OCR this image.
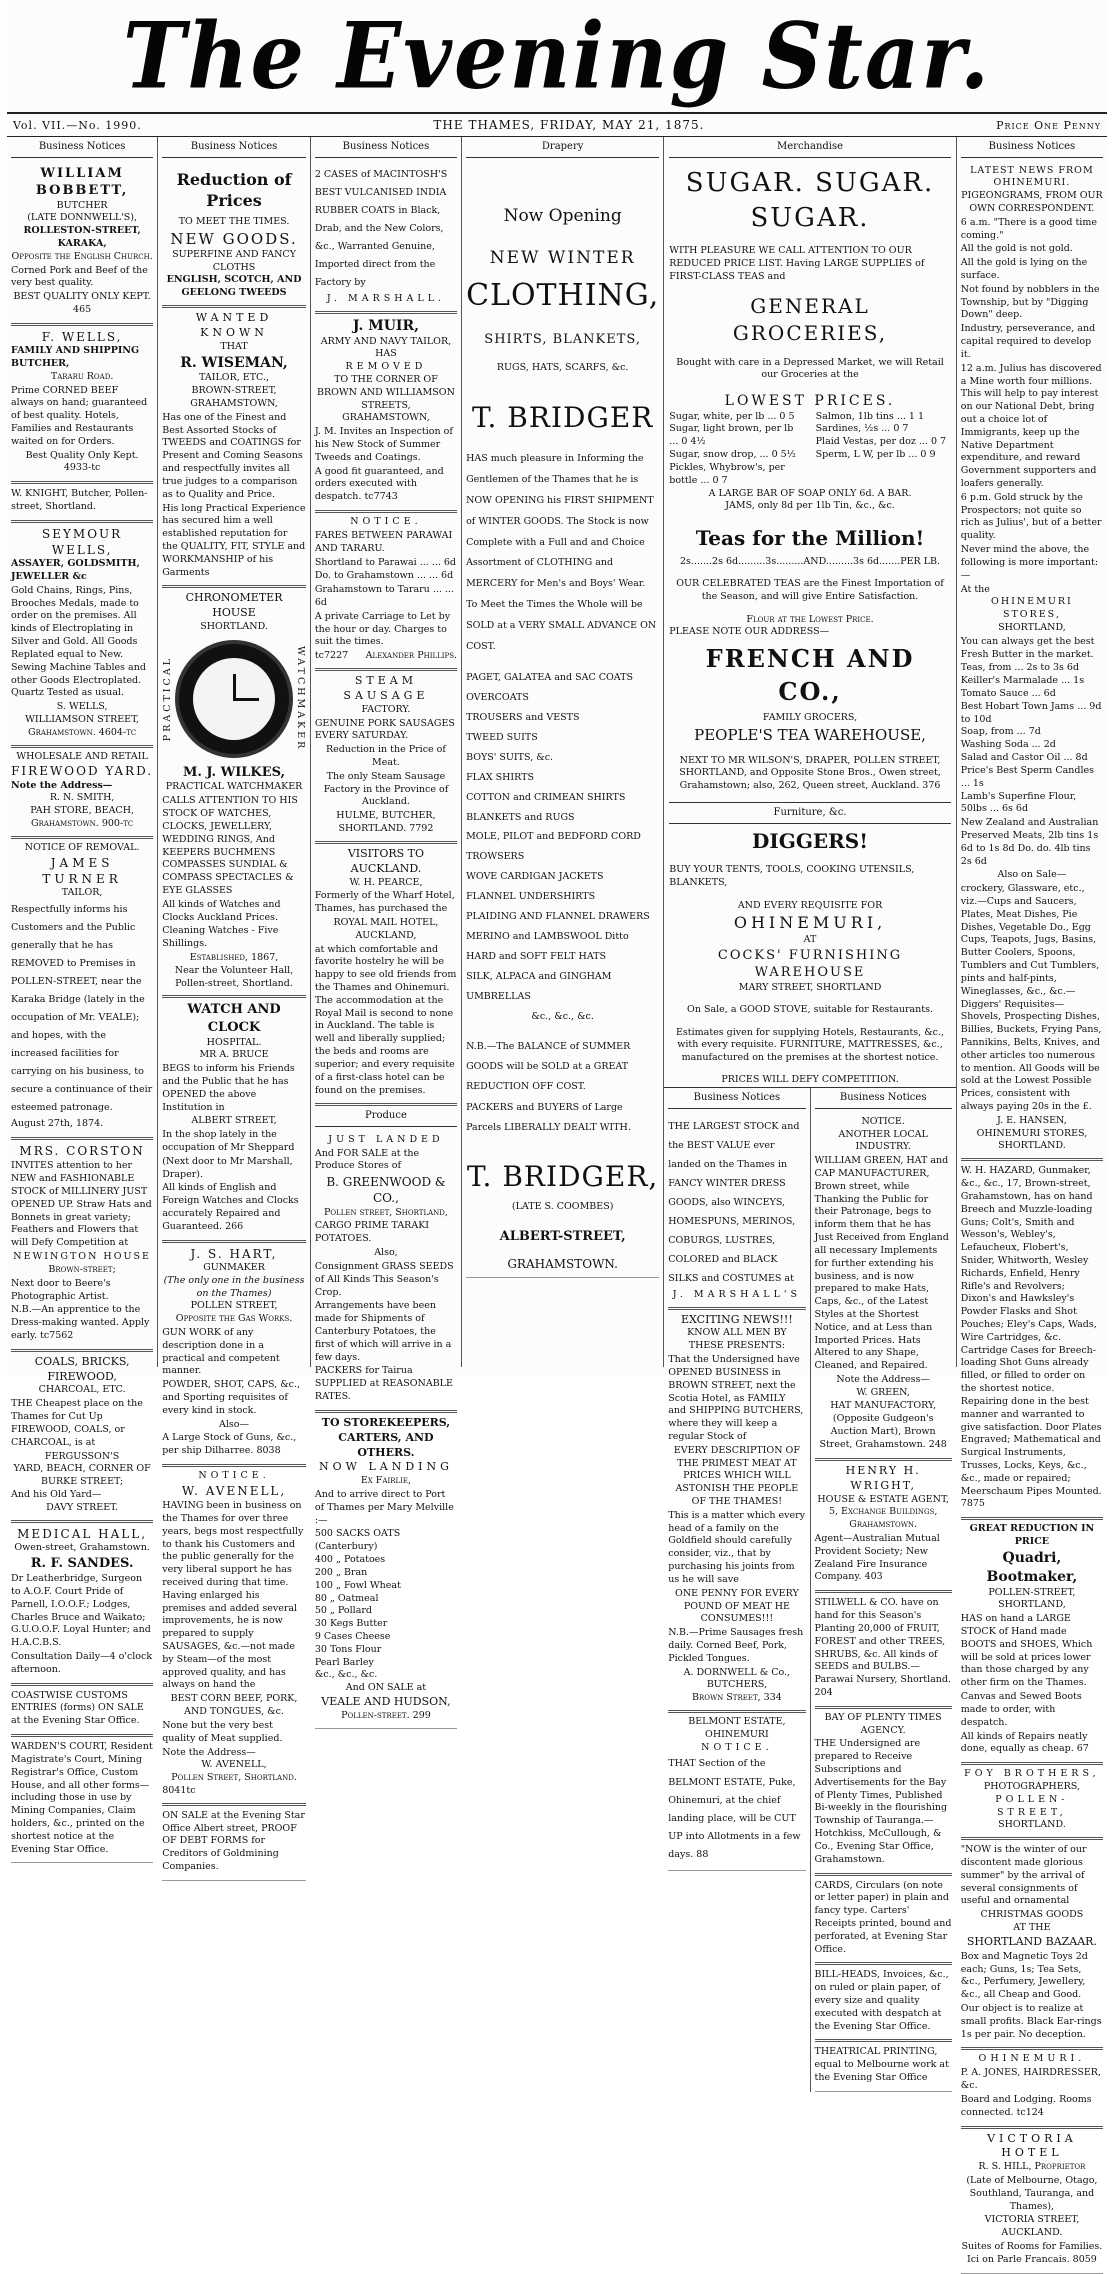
The Evening Star.
Vol. VII.—No. 1990.	THE THAMES, FRIDAY, MAY 21, 1875.	Price One Penny
Business Notices
WILLIAM BOBBETT,
BUTCHER
(LATE DONNWELL'S),
ROLLESTON-STREET, KARAKA,
Opposite the English Church.

Corned Pork and Beef of the very best quality.

BEST QUALITY ONLY KEPT. 465

F. WELLS,
FAMILY AND SHIPPING BUTCHER,
Tararu Road.

Prime CORNED BEEF always on hand; guaranteed of best quality. Hotels, Families and Restaurants waited on for Orders.

Best Quality Only Kept. 4933-tc

W. KNIGHT, Butcher, Pollen-street, Shortland.

SEYMOUR WELLS,
ASSAYER, GOLDSMITH, JEWELLER &c

Gold Chains, Rings, Pins, Brooches Medals, made to order on the premises. All kinds of Electroplating in Silver and Gold. All Goods Replated equal to New. Sewing Machine Tables and other Goods Electroplated. Quartz Tested as usual.

S. WELLS,
WILLIAMSON STREET,
Grahamstown. 4604-tc
WHOLESALE AND RETAIL
FIREWOOD YARD.
Note the Address—
R. N. SMITH,
PAH STORE, BEACH,
Grahamstown. 900-tc
NOTICE OF REMOVAL.
JAMES TURNER
TAILOR,

Respectfully informs his Customers and the Public generally that he has REMOVED to Premises in POLLEN-STREET, near the Karaka Bridge (lately in the occupation of Mr. VEALE); and hopes, with the increased facilities for carrying on his business, to secure a continuance of their esteemed patronage.

August 27th, 1874.

MRS. CORSTON

INVITES attention to her NEW and FASHIONABLE STOCK of MILLINERY JUST OPENED UP. Straw Hats and Bonnets in great variety; Feathers and Flowers that will Defy Competition at

NEWINGTON HOUSE
Brown-street;

Next door to Beere's Photographic Artist.

N.B.—An apprentice to the Dress-making wanted. Apply early. tc7562

COALS, BRICKS, FIREWOOD,
CHARCOAL, ETC.

THE Cheapest place on the Thames for Cut Up FIREWOOD, COALS, or CHARCOAL, is at

FERGUSSON'S
YARD, BEACH, CORNER OF
BURKE STREET;
And his Old Yard—
DAVY STREET.
MEDICAL HALL,
Owen-street, Grahamstown.
R. F. SANDES.

Dr Leatherbridge, Surgeon to A.O.F. Court Pride of Parnell, I.O.O.F.; Lodges, Charles Bruce and Waikato; G.U.O.O.F. Loyal Hunter; and H.A.C.B.S.

Consultation Daily—4 o'clock afternoon.

COASTWISE CUSTOMS ENTRIES (forms) ON SALE at the Evening Star Office.

WARDEN'S COURT, Resident Magistrate's Court, Mining Registrar's Office, Custom House, and all other forms—including those in use by Mining Companies, Claim holders, &c., printed on the shortest notice at the Evening Star Office.

Business Notices
Reduction of Prices
TO MEET THE TIMES.
NEW GOODS.
SUPERFINE AND FANCY CLOTHS
ENGLISH, SCOTCH, AND GEELONG TWEEDS
WANTED KNOWN
THAT
R. WISEMAN,
TAILOR, ETC.,
BROWN-STREET, GRAHAMSTOWN,

Has one of the Finest and Best Assorted Stocks of TWEEDS and COATINGS for Present and Coming Seasons and respectfully invites all true judges to a comparison as to Quality and Price.

His long Practical Experience has secured him a well established reputation for the QUALITY, FIT, STYLE and WORKMANSHIP of his Garments

CHRONOMETER HOUSE
SHORTLAND.
PRACTICAL	WATCHMAKER
M. J. WILKES,
PRACTICAL WATCHMAKER

CALLS ATTENTION TO HIS STOCK OF WATCHES, CLOCKS, JEWELLERY, WEDDING RINGS, And KEEPERS BUCHMENS COMPASSES SUNDIAL & COMPASS SPECTACLES & EYE GLASSES

All kinds of Watches and Clocks Auckland Prices.

Cleaning Watches - Five Shillings.

Established, 1867,
Near the Volunteer Hall, Pollen-street, Shortland.
WATCH AND CLOCK
HOSPITAL.
MR A. BRUCE

BEGS to inform his Friends and the Public that he has OPENED the above Institution in

ALBERT STREET,

In the shop lately in the occupation of Mr Sheppard

(Next door to Mr Marshall, Draper).

All kinds of English and Foreign Watches and Clocks accurately Repaired and Guaranteed. 266

J. S. HART,
GUNMAKER
(The only one in the business on the Thames)
POLLEN STREET,
Opposite the Gas Works.

GUN WORK of any description done in a practical and competent manner.

POWDER, SHOT, CAPS, &c., and Sporting requisites of every kind in stock.

Also—

A Large Stock of Guns, &c., per ship Dilharree. 8038

NOTICE.
W. AVENELL,

HAVING been in business on the Thames for over three years, begs most respectfully to thank his Customers and the public generally for the very liberal support he has received during that time. Having enlarged his premises and added several improvements, he is now prepared to supply SAUSAGES, &c.—not made by Steam—of the most approved quality, and has always on hand the

BEST CORN BEEF, PORK, AND TONGUES, &c.

None but the very best quality of Meat supplied.

Note the Address—
W. AVENELL,
Pollen Street, Shortland.
8041tc

ON SALE at the Evening Star Office Albert street, PROOF OF DEBT FORMS for Creditors of Goldmining Companies.

Business Notices

2 CASES of MACINTOSH'S BEST VULCANISED INDIA RUBBER COATS in Black, Drab, and the New Colors, &c., Warranted Genuine, Imported direct from the Factory by

J. MARSHALL.
J. MUIR,
ARMY AND NAVY TAILOR,
HAS
REMOVED
TO THE CORNER OF
BROWN AND WILLIAMSON STREETS,
GRAHAMSTOWN,

J. M. Invites an Inspection of his New Stock of Summer Tweeds and Coatings.

A good fit guaranteed, and orders executed with despatch. tc7743

NOTICE.

FARES BETWEEN PARAWAI AND TARARU.

Shortland to Parawai ... ... 6d

Do. to Grahamstown ... ... 6d

Grahamstown to Tararu ... ... 6d

A private Carriage to Let by the hour or day. Charges to suit the times.

tc7227 Alexander Phillips.
STEAM SAUSAGE
FACTORY.

GENUINE PORK SAUSAGES EVERY SATURDAY.

Reduction in the Price of Meat.

The only Steam Sausage Factory in the Province of Auckland.

HULME, BUTCHER,
SHORTLAND. 7792
VISITORS TO AUCKLAND.
W. H. PEARCE,

Formerly of the Wharf Hotel, Thames, has purchased the

ROYAL MAIL HOTEL, AUCKLAND,

at which comfortable and favorite hostelry he will be happy to see old friends from the Thames and Ohinemuri. The accommodation at the Royal Mail is second to none in Auckland. The table is well and liberally supplied; the beds and rooms are superior; and every requisite of a first-class hotel can be found on the premises.

Produce
JUST LANDED

And FOR SALE at the Produce Stores of

B. GREENWOOD & CO.,
Pollen street, Shortland,

CARGO PRIME TARAKI POTATOES.

Also,

Consignment GRASS SEEDS of All Kinds This Season's Crop.

Arrangements have been made for Shipments of Canterbury Potatoes, the first of which will arrive in a few days.

PACKERS for Tairua SUPPLIED at REASONABLE RATES.

TO STOREKEEPERS, CARTERS, AND OTHERS.
NOW LANDING
Ex Fairlie,

And to arrive direct to Port of Thames per Mary Melville :—

500 SACKS OATS (Canterbury)
400 „ Potatoes
200 „ Bran
100 „ Fowl Wheat
80 „ Oatmeal
50 „ Pollard
30 Kegs Butter
9 Cases Cheese
30 Tons Flour
Pearl Barley
&c., &c., &c.
And ON SALE at
VEALE AND HUDSON,
Pollen-street. 299
Drapery
Now Opening
NEW WINTER
CLOTHING,
SHIRTS, BLANKETS,
RUGS, HATS, SCARFS, &c.
T. BRIDGER

HAS much pleasure in Informing the Gentlemen of the Thames that he is NOW OPENING his FIRST SHIPMENT of WINTER GOODS. The Stock is now Complete with a Full and and Choice Assortment of CLOTHING and MERCERY for Men's and Boys' Wear. To Meet the Times the Whole will be SOLD at a VERY SMALL ADVANCE ON COST.

PAGET, GALATEA and SAC COATS
OVERCOATS
TROUSERS and VESTS
TWEED SUITS
BOYS' SUITS, &c.
FLAX SHIRTS
COTTON and CRIMEAN SHIRTS
BLANKETS and RUGS
MOLE, PILOT and BEDFORD CORD TROWSERS
WOVE CARDIGAN JACKETS
FLANNEL UNDERSHIRTS
PLAIDING AND FLANNEL DRAWERS
MERINO and LAMBSWOOL Ditto
HARD and SOFT FELT HATS
SILK, ALPACA and GINGHAM UMBRELLAS
&c., &c., &c.

N.B.—The BALANCE of SUMMER GOODS will be SOLD at a GREAT REDUCTION OFF COST.

PACKERS and BUYERS of Large Parcels LIBERALLY DEALT WITH.

T. BRIDGER,
(LATE S. COOMBES)
ALBERT-STREET,
GRAHAMSTOWN.
Merchandise
SUGAR. SUGAR. SUGAR.

WITH PLEASURE WE CALL ATTENTION TO OUR REDUCED PRICE LIST. Having LARGE SUPPLIES of FIRST-CLASS TEAS and

GENERAL GROCERIES,

Bought with care in a Depressed Market, we will Retail our Groceries at the

LOWEST PRICES.
Sugar, white, per lb ... 0 5
Sugar, light brown, per lb ... 0 4½
Sugar, snow drop, ... 0 5½
Pickles, Whybrow's, per bottle ... 0 7
Salmon, 1lb tins ... 1 1
Sardines, ½s ... 0 7
Plaid Vestas, per doz ... 0 7
Sperm, L W, per lb ... 0 9
A LARGE BAR OF SOAP ONLY 6d. A BAR.
JAMS, only 8d per 1lb Tin, &c., &c.
Teas for the Million!
2s.......2s 6d.........3s.........AND.........3s 6d.......PER LB.

OUR CELEBRATED TEAS are the Finest Importation of the Season, and will give Entire Satisfaction.

Flour at the Lowest Price.
PLEASE NOTE OUR ADDRESS—
FRENCH AND CO.,
FAMILY GROCERS,
PEOPLE'S TEA WAREHOUSE,

NEXT TO MR WILSON'S, DRAPER, POLLEN STREET, SHORTLAND, and Opposite Stone Bros., Owen street, Grahamstown; also, 262, Queen street, Auckland. 376

Furniture, &c.
DIGGERS!

BUY YOUR TENTS, TOOLS, COOKING UTENSILS, BLANKETS,

AND EVERY REQUISITE FOR
OHINEMURI,
AT
COCKS' FURNISHING WAREHOUSE
MARY STREET, SHORTLAND

On Sale, a GOOD STOVE, suitable for Restaurants.

Estimates given for supplying Hotels, Restaurants, &c., with every requisite. FURNITURE, MATTRESSES, &c., manufactured on the premises at the shortest notice.

PRICES WILL DEFY COMPETITION.
Business Notices

THE LARGEST STOCK and the BEST VALUE ever landed on the Thames in FANCY WINTER DRESS GOODS, also WINCEYS, HOMESPUNS, MERINOS, COBURGS, LUSTRES, COLORED and BLACK SILKS and COSTUMES at

J. MARSHALL'S
EXCITING NEWS!!!
KNOW ALL MEN BY THESE PRESENTS:

That the Undersigned have OPENED BUSINESS in BROWN STREET, next the Scotia Hotel, as FAMILY and SHIPPING BUTCHERS, where they will keep a regular Stock of

EVERY DESCRIPTION OF THE PRIMEST MEAT AT PRICES WHICH WILL ASTONISH THE PEOPLE OF THE THAMES!

This is a matter which every head of a family on the Goldfield should carefully consider, viz., that by purchasing his joints from us he will save

ONE PENNY FOR EVERY POUND OF MEAT HE CONSUMES!!!

N.B.—Prime Sausages fresh daily. Corned Beef, Pork, Pickled Tongues.

A. DORNWELL & Co.,
BUTCHERS,
Brown Street, 334
BELMONT ESTATE, OHINEMURI
NOTICE.

THAT Section of the BELMONT ESTATE, Puke, Ohinemuri, at the chief landing place, will be CUT UP into Allotments in a few days. 88

Business Notices
NOTICE.
ANOTHER LOCAL INDUSTRY.

WILLIAM GREEN, HAT and CAP MANUFACTURER, Brown street, while Thanking the Public for their Patronage, begs to inform them that he has Just Received from England all necessary Implements for further extending his business, and is now prepared to make Hats, Caps, &c., of the Latest Styles at the Shortest Notice, and at Less than Imported Prices. Hats Altered to any Shape, Cleaned, and Repaired.

Note the Address—
W. GREEN,
HAT MANUFACTORY,

(Opposite Gudgeon's Auction Mart), Brown Street, Grahamstown. 248

HENRY H. WRIGHT,
HOUSE & ESTATE AGENT,
5, Exchange Buildings,
Grahamstown.

Agent—Australian Mutual Provident Society; New Zealand Fire Insurance Company. 403

STILWELL & CO. have on hand for this Season's Planting 20,000 of FRUIT, FOREST and other TREES, SHRUBS, &c. All kinds of SEEDS and BULBS.—Parawai Nursery, Shortland. 204

BAY OF PLENTY TIMES AGENCY.

THE Undersigned are prepared to Receive Subscriptions and Advertisements for the Bay of Plenty Times, Published Bi-weekly in the flourishing Township of Tauranga.—Hotchkiss, McCullough, & Co., Evening Star Office, Grahamstown.

CARDS, Circulars (on note or letter paper) in plain and fancy type. Carters' Receipts printed, bound and perforated, at Evening Star Office.

BILL-HEADS, Invoices, &c., on ruled or plain paper, of every size and quality executed with despatch at the Evening Star Office.

THEATRICAL PRINTING, equal to Melbourne work at the Evening Star Office

Business Notices
LATEST NEWS FROM OHINEMURI.
PIGEONGRAMS, FROM OUR OWN CORRESPONDENT.

6 a.m. "There is a good time coming."

All the gold is not gold.

All the gold is lying on the surface.

Not found by nobblers in the Township, but by "Digging Down" deep.

Industry, perseverance, and capital required to develop it.

12 a.m. Julius has discovered a Mine worth four millions. This will help to pay interest on our National Debt, bring out a choice lot of Immigrants, keep up the Native Department expenditure, and reward Government supporters and loafers generally.

6 p.m. Gold struck by the Prospectors; not quite so rich as Julius', but of a better quality.

Never mind the above, the following is more important:—

At the
OHINEMURI STORES,
SHORTLAND,

You can always get the best Fresh Butter in the market.

Teas, from ... 2s to 3s 6d
Keiller's Marmalade ... 1s
Tomato Sauce ... 6d
Best Hobart Town Jams ... 9d to 10d
Soap, from ... 7d
Washing Soda ... 2d
Salad and Castor Oil ... 8d
Price's Best Sperm Candles ... 1s
Lamb's Superfine Flour, 50lbs ... 6s 6d

New Zealand and Australian Preserved Meats, 2lb tins 1s 6d to 1s 8d Do. do. 4lb tins 2s 6d

Also on Sale—

crockery, Glassware, etc., viz.—Cups and Saucers, Plates, Meat Dishes, Pie Dishes, Vegetable Do., Egg Cups, Teapots, Jugs, Basins, Butter Coolers, Spoons, Tumblers and Cut Tumblers, pints and half-pints, Wineglasses, &c., &c.—Diggers' Requisites—Shovels, Prospecting Dishes, Billies, Buckets, Frying Pans, Pannikins, Belts, Knives, and other articles too numerous to mention. All Goods will be sold at the Lowest Possible Prices, consistent with always paying 20s in the £.

J. E. HANSEN,
OHINEMURI STORES,
SHORTLAND.

W. H. HAZARD, Gunmaker, &c., &c., 17, Brown-street, Grahamstown, has on hand Breech and Muzzle-loading Guns; Colt's, Smith and Wesson's, Webley's, Lefaucheux, Flobert's, Snider, Whitworth, Wesley Richards, Enfield, Henry Rifle's and Revolvers; Dixon's and Hawksley's Powder Flasks and Shot Pouches; Eley's Caps, Wads, Wire Cartridges, &c. Cartridge Cases for Breech-loading Shot Guns already filled, or filled to order on the shortest notice. Repairing done in the best manner and warranted to give satisfaction. Door Plates Engraved; Mathematical and Surgical Instruments, Trusses, Locks, Keys, &c., &c., made or repaired; Meerschaum Pipes Mounted. 7875

GREAT REDUCTION IN PRICE
Quadri, Bootmaker,
POLLEN-STREET, SHORTLAND,

HAS on hand a LARGE STOCK of Hand made BOOTS and SHOES, Which will be sold at prices lower than those charged by any other firm on the Thames.

Canvas and Sewed Boots made to order, with despatch.

All kinds of Repairs neatly done, equally as cheap. 67

FOY BROTHERS,
PHOTOGRAPHERS,
POLLEN-STREET,
SHORTLAND.

"NOW is the winter of our discontent made glorious summer" by the arrival of several consignments of useful and ornamental

CHRISTMAS GOODS
AT THE
SHORTLAND BAZAAR.

Box and Magnetic Toys 2d each; Guns, 1s; Tea Sets, &c., Perfumery, Jewellery, &c., all Cheap and Good.

Our object is to realize at small profits. Black Ear-rings 1s per pair. No deception.

OHINEMURI.

P. A. JONES, HAIRDRESSER, &c.

Board and Lodging. Rooms connected. tc124

VICTORIA HOTEL
R. S. HILL, Proprietor

(Late of Melbourne, Otago, Southland, Tauranga, and Thames),

VICTORIA STREET, AUCKLAND.

Suites of Rooms for Families. Ici on Parle Francais. 8059
